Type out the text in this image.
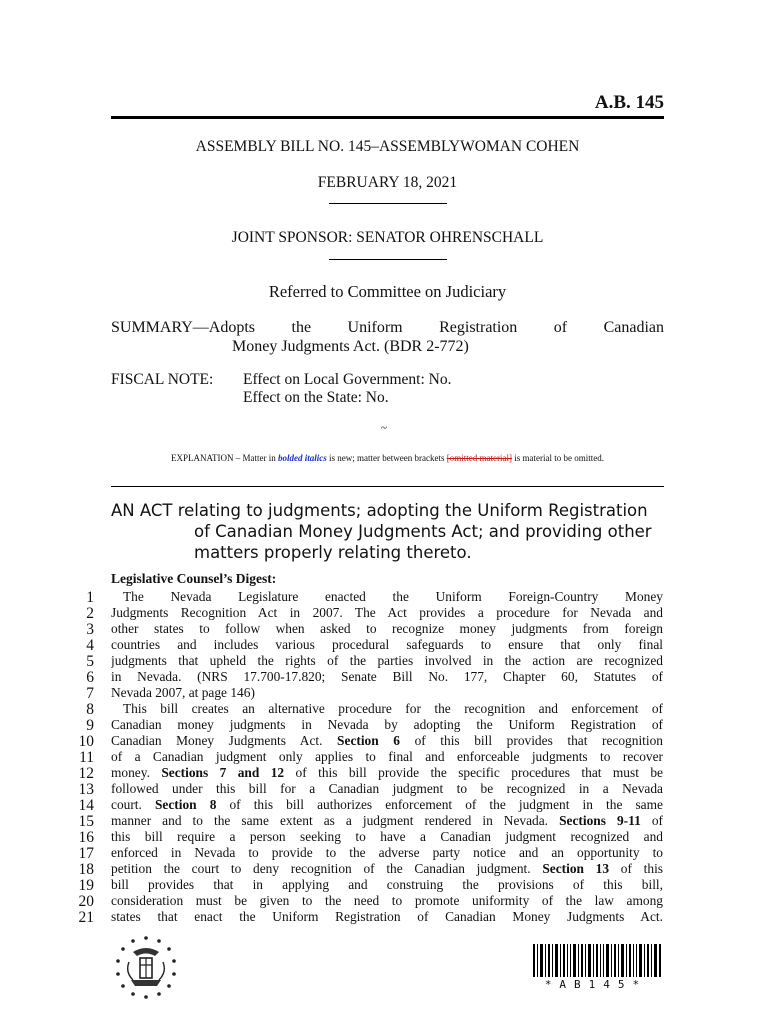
A.B. 145
ASSEMBLY BILL NO. 145–ASSEMBLYWOMAN COHEN
FEBRUARY 18, 2021
JOINT SPONSOR: SENATOR OHRENSCHALL
Referred to Committee on Judiciary
SUMMARY—Adopts the Uniform Registration of Canadian
Money Judgments Act. (BDR 2-772)
FISCAL NOTE:	Effect on Local Government: No.
Effect on the State: No.
~
EXPLANATION – Matter in bolded italics is new; matter between brackets [omitted material] is material to be omitted.
AN ACT relating to judgments; adopting the Uniform Registration
of Canadian Money Judgments Act; and providing other
matters properly relating thereto.
Legislative Counsel’s Digest:
1
2
3
4
5
6
7
8
9
10
11
12
13
14
15
16
17
18
19
20
21
The Nevada Legislature enacted the Uniform Foreign-Country Money
Judgments Recognition Act in 2007. The Act provides a procedure for Nevada and
other states to follow when asked to recognize money judgments from foreign
countries and includes various procedural safeguards to ensure that only final
judgments that upheld the rights of the parties involved in the action are recognized
in Nevada. (NRS 17.700-17.820; Senate Bill No. 177, Chapter 60, Statutes of
Nevada 2007, at page 146)
This bill creates an alternative procedure for the recognition and enforcement of
Canadian money judgments in Nevada by adopting the Uniform Registration of
Canadian Money Judgments Act. Section 6 of this bill provides that recognition
of a Canadian judgment only applies to final and enforceable judgments to recover
money. Sections 7 and 12 of this bill provide the specific procedures that must be
followed under this bill for a Canadian judgment to be recognized in a Nevada
court. Section 8 of this bill authorizes enforcement of the judgment in the same
manner and to the same extent as a judgment rendered in Nevada. Sections 9-11 of
this bill require a person seeking to have a Canadian judgment recognized and
enforced in Nevada to provide to the adverse party notice and an opportunity to
petition the court to deny recognition of the Canadian judgment. Section 13 of this
bill provides that in applying and construing the provisions of this bill,
consideration must be given to the need to promote uniformity of the law among
states that enact the Uniform Registration of Canadian Money Judgments Act.
*AB145*
